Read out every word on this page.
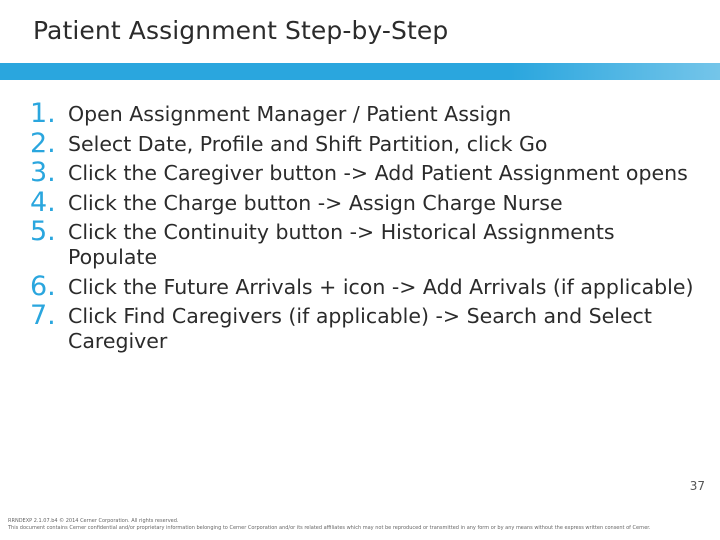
Patient Assignment Step-by-Step
1. Open Assignment Manager / Patient Assign
2. Select Date, Profile and Shift Partition, click Go
3. Click the Caregiver button -> Add Patient Assignment opens
4. Click the Charge button -> Assign Charge Nurse
5. Click the Continuity button -> Historical Assignments Populate
6. Click the Future Arrivals + icon -> Add Arrivals (if applicable)
7. Click Find Caregivers (if applicable) -> Search and Select Caregiver
37
RRNDEXP 2.1.07.b4 © 2014 Cerner Corporation. All rights reserved.
This document contains Cerner confidential and/or proprietary information belonging to Cerner Corporation and/or its related affiliates which may not be reproduced or transmitted in any form or by any means without the express written consent of Cerner.
